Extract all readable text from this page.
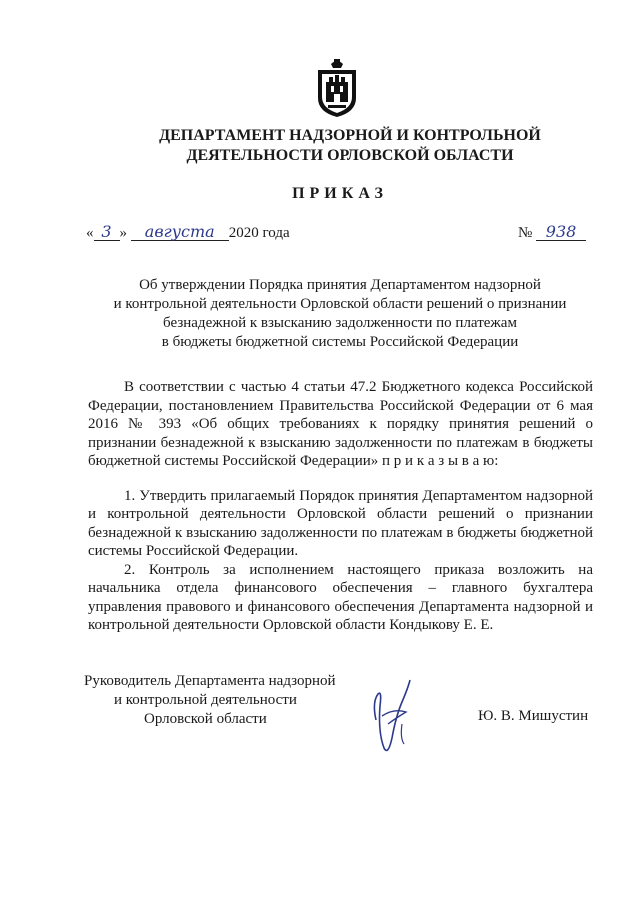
ДЕПАРТАМЕНТ НАДЗОРНОЙ И КОНТРОЛЬНОЙ
ДЕЯТЕЛЬНОСТИ ОРЛОВСКОЙ ОБЛАСТИ
ПРИКАЗ
« 3 » августа 2020 года	№ 938
Об утверждении Порядка принятия Департаментом надзорной
и контрольной деятельности Орловской области решений о признании
безнадежной к взысканию задолженности по платежам
в бюджеты бюджетной системы Российской Федерации

В соответствии с частью 4 статьи 47.2 Бюджетного кодекса Российской Федерации, постановлением Правительства Российской Федерации от 6 мая 2016 № 393 «Об общих требованиях к порядку принятия решений о признании безнадежной к взысканию задолженности по платежам в бюджеты бюджетной системы Российской Федерации» п р и к а з ы в а ю:

1. Утвердить прилагаемый Порядок принятия Департаментом надзорной и контрольной деятельности Орловской области решений о признании безнадежной к взысканию задолженности по платежам в бюджеты бюджетной системы Российской Федерации.

2. Контроль за исполнением настоящего приказа возложить на начальника отдела финансового обеспечения – главного бухгалтера управления правового и финансового обеспечения Департамента надзорной и контрольной деятельности Орловской области Кондыкову Е. Е.

Руководитель Департамента надзорной
и контрольной деятельности
Орловской области	Ю. В. Мишустин
